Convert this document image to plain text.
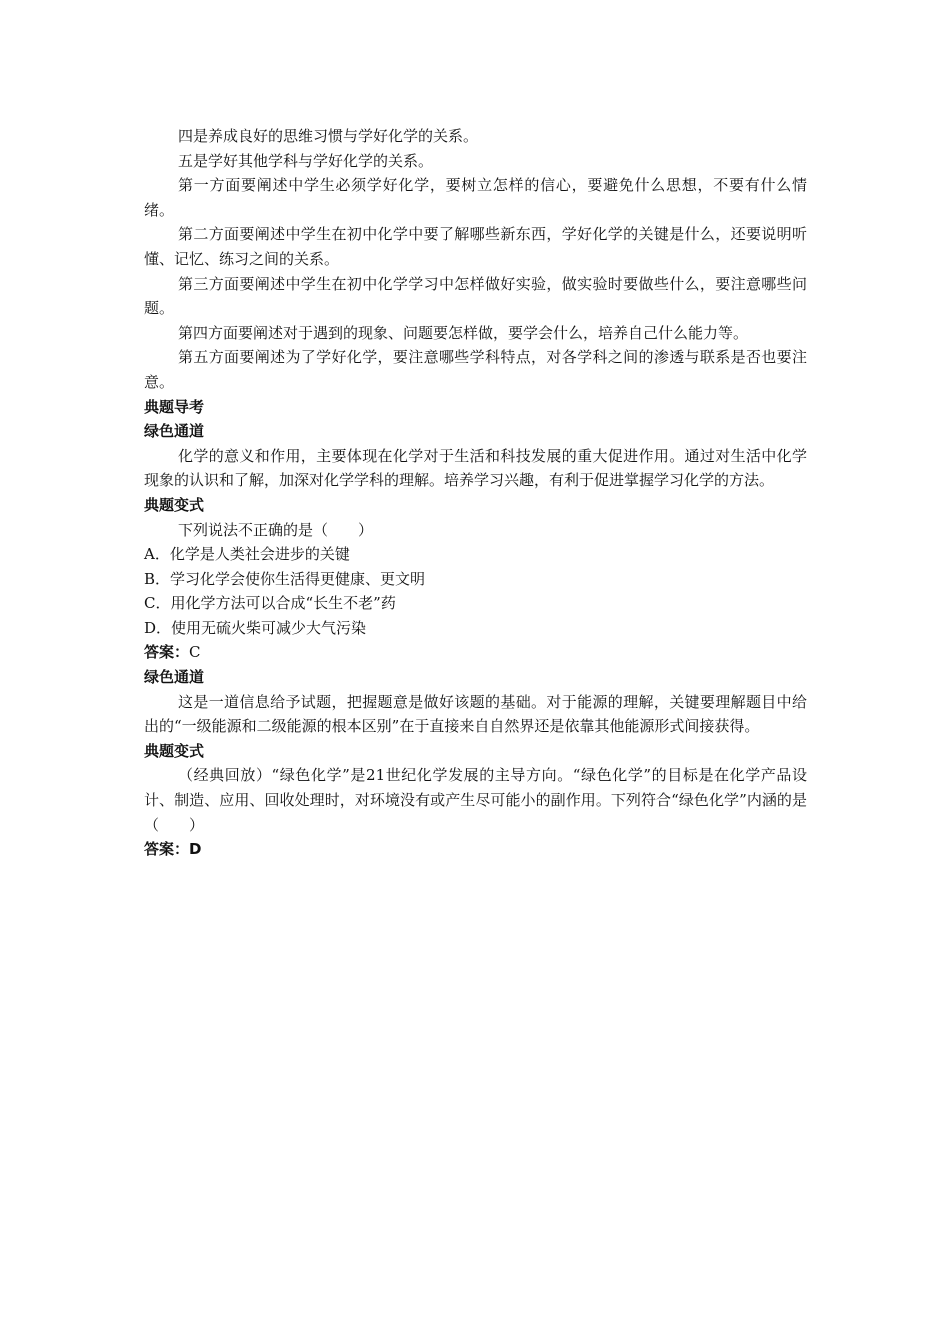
四是养成良好的思维习惯与学好化学的关系。

五是学好其他学科与学好化学的关系。

第一方面要阐述中学生必须学好化学，要树立怎样的信心，要避免什么思想，不要有什么情绪。

第二方面要阐述中学生在初中化学中要了解哪些新东西，学好化学的关键是什么，还要说明听懂、记忆、练习之间的关系。

第三方面要阐述中学生在初中化学学习中怎样做好实验，做实验时要做些什么，要注意哪些问题。

第四方面要阐述对于遇到的现象、问题要怎样做，要学会什么，培养自己什么能力等。

第五方面要阐述为了学好化学，要注意哪些学科特点，对各学科之间的渗透与联系是否也要注意。

典题导考

绿色通道

化学的意义和作用，主要体现在化学对于生活和科技发展的重大促进作用。通过对生活中化学现象的认识和了解，加深对化学学科的理解。培养学习兴趣，有利于促进掌握学习化学的方法。

典题变式

下列说法不正确的是（　　）

A．化学是人类社会进步的关键

B．学习化学会使你生活得更健康、更文明

C．用化学方法可以合成“长生不老”药

D．使用无硫火柴可减少大气污染

答案：C

绿色通道

这是一道信息给予试题，把握题意是做好该题的基础。对于能源的理解，关键要理解题目中给出的“一级能源和二级能源的根本区别”在于直接来自自然界还是依靠其他能源形式间接获得。

典题变式

（经典回放）“绿色化学”是21世纪化学发展的主导方向。“绿色化学”的目标是在化学产品设计、制造、应用、回收处理时，对环境没有或产生尽可能小的副作用。下列符合“绿色化学”内涵的是（　　）

答案：D
